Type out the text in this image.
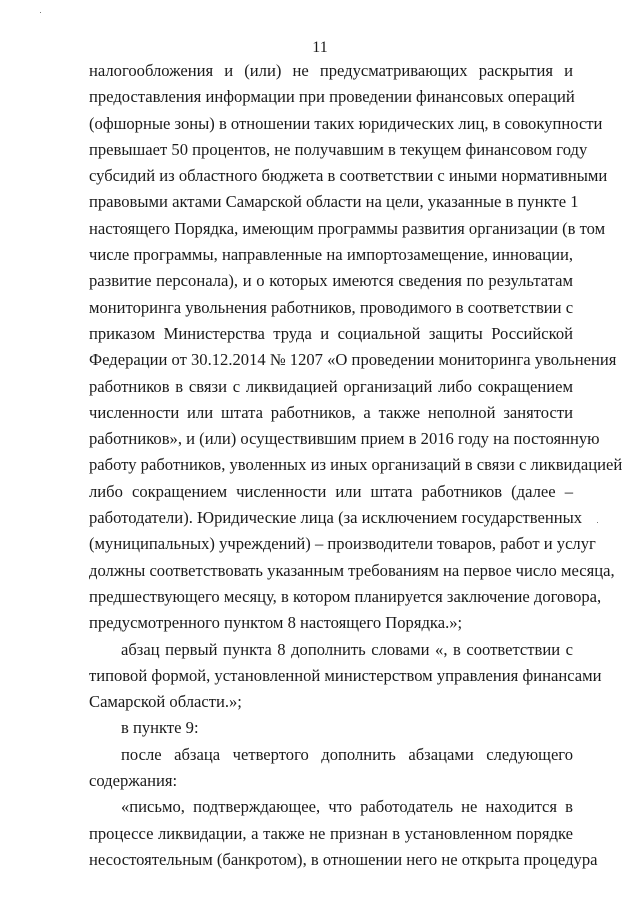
11
налогообложения и (или) не предусматривающих раскрытия и
предоставления информации при проведении финансовых операций
(офшорные зоны) в отношении таких юридических лиц, в совокупности
превышает 50 процентов, не получавшим в текущем финансовом году
субсидий из областного бюджета в соответствии с иными нормативными
правовыми актами Самарской области на цели, указанные в пункте 1
настоящего Порядка, имеющим программы развития организации (в том
числе программы, направленные на импортозамещение, инновации,
развитие персонала), и о которых имеются сведения по результатам
мониторинга увольнения работников, проводимого в соответствии с
приказом Министерства труда и социальной защиты Российской
Федерации от 30.12.2014 № 1207 «О проведении мониторинга увольнения
работников в связи с ликвидацией организаций либо сокращением
численности или штата работников, а также неполной занятости
работников», и (или) осуществившим прием в 2016 году на постоянную
работу работников, уволенных из иных организаций в связи с ликвидацией
либо сокращением численности или штата работников (далее –
работодатели). Юридические лица (за исключением государственных
(муниципальных) учреждений) – производители товаров, работ и услуг
должны соответствовать указанным требованиям на первое число месяца,
предшествующего месяцу, в котором планируется заключение договора,
предусмотренного пунктом 8 настоящего Порядка.»;
абзац первый пункта 8 дополнить словами «, в соответствии с
типовой формой, установленной министерством управления финансами
Самарской области.»;
в пункте 9:
после абзаца четвертого дополнить абзацами следующего
содержания:
«письмо, подтверждающее, что работодатель не находится в
процессе ликвидации, а также не признан в установленном порядке
несостоятельным (банкротом), в отношении него не открыта процедура
